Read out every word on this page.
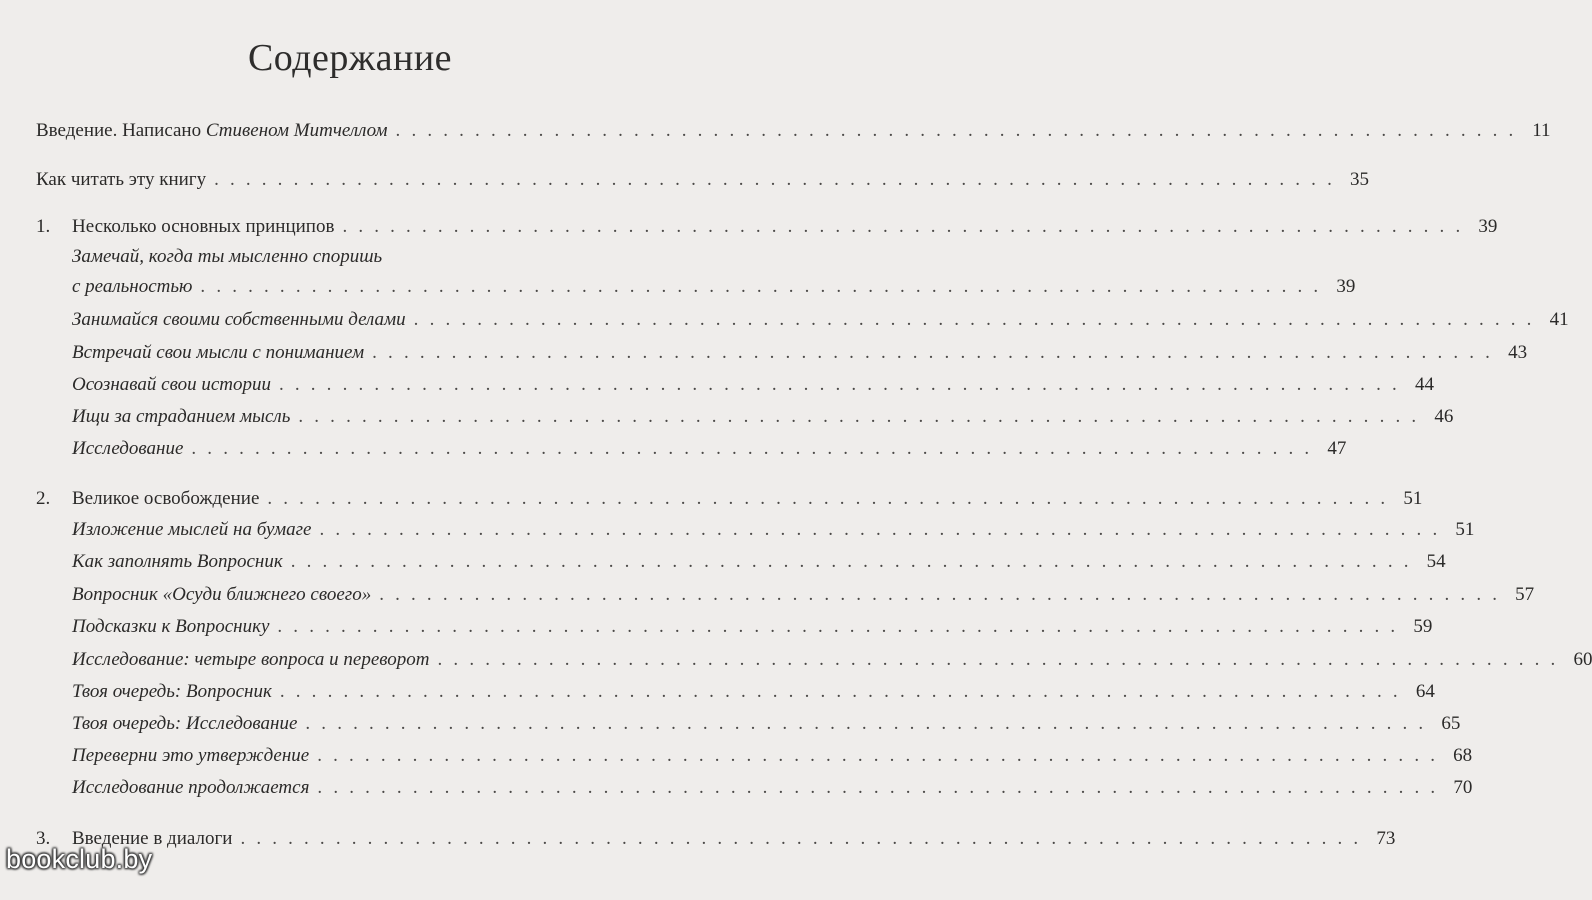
Содержание
Введение. Написано Стивеном Митчеллом . . . . . . . . . . . . . . . . . . . . . . . . . . . . . . . . . . . . . . . . . . . . . . . . . . . . . . . . . . . . . . . . . . . . . . . 11
Как читать эту книгу . . . . . . . . . . . . . . . . . . . . . . . . . . . . . . . . . . . . . . . . . . . . . . . . . . . . . . . . . . . . . . . . . . . . . . . 35
1.	Несколько основных принципов . . . . . . . . . . . . . . . . . . . . . . . . . . . . . . . . . . . . . . . . . . . . . . . . . . . . . . . . . . . . . . . . . . . . . . . 39
Замечай, когда ты мысленно споришь
с реальностью . . . . . . . . . . . . . . . . . . . . . . . . . . . . . . . . . . . . . . . . . . . . . . . . . . . . . . . . . . . . . . . . . . . . . . . 39
Занимайся своими собственными делами . . . . . . . . . . . . . . . . . . . . . . . . . . . . . . . . . . . . . . . . . . . . . . . . . . . . . . . . . . . . . . . . . . . . . . . 41
Встречай свои мысли с пониманием . . . . . . . . . . . . . . . . . . . . . . . . . . . . . . . . . . . . . . . . . . . . . . . . . . . . . . . . . . . . . . . . . . . . . . . 43
Осознавай свои истории . . . . . . . . . . . . . . . . . . . . . . . . . . . . . . . . . . . . . . . . . . . . . . . . . . . . . . . . . . . . . . . . . . . . . . . 44
Ищи за страданием мысль . . . . . . . . . . . . . . . . . . . . . . . . . . . . . . . . . . . . . . . . . . . . . . . . . . . . . . . . . . . . . . . . . . . . . . . 46
Исследование . . . . . . . . . . . . . . . . . . . . . . . . . . . . . . . . . . . . . . . . . . . . . . . . . . . . . . . . . . . . . . . . . . . . . . . 47
2.	Великое освобождение . . . . . . . . . . . . . . . . . . . . . . . . . . . . . . . . . . . . . . . . . . . . . . . . . . . . . . . . . . . . . . . . . . . . . . . 51
Изложение мыслей на бумаге . . . . . . . . . . . . . . . . . . . . . . . . . . . . . . . . . . . . . . . . . . . . . . . . . . . . . . . . . . . . . . . . . . . . . . . 51
Как заполнять Вопросник . . . . . . . . . . . . . . . . . . . . . . . . . . . . . . . . . . . . . . . . . . . . . . . . . . . . . . . . . . . . . . . . . . . . . . . 54
Вопросник «Осуди ближнего своего» . . . . . . . . . . . . . . . . . . . . . . . . . . . . . . . . . . . . . . . . . . . . . . . . . . . . . . . . . . . . . . . . . . . . . . . 57
Подсказки к Вопроснику . . . . . . . . . . . . . . . . . . . . . . . . . . . . . . . . . . . . . . . . . . . . . . . . . . . . . . . . . . . . . . . . . . . . . . . 59
Исследование: четыре вопроса и переворот . . . . . . . . . . . . . . . . . . . . . . . . . . . . . . . . . . . . . . . . . . . . . . . . . . . . . . . . . . . . . . . . . . . . . . . 60
Твоя очередь: Вопросник . . . . . . . . . . . . . . . . . . . . . . . . . . . . . . . . . . . . . . . . . . . . . . . . . . . . . . . . . . . . . . . . . . . . . . . 64
Твоя очередь: Исследование . . . . . . . . . . . . . . . . . . . . . . . . . . . . . . . . . . . . . . . . . . . . . . . . . . . . . . . . . . . . . . . . . . . . . . . 65
Переверни это утверждение . . . . . . . . . . . . . . . . . . . . . . . . . . . . . . . . . . . . . . . . . . . . . . . . . . . . . . . . . . . . . . . . . . . . . . . 68
Исследование продолжается . . . . . . . . . . . . . . . . . . . . . . . . . . . . . . . . . . . . . . . . . . . . . . . . . . . . . . . . . . . . . . . . . . . . . . . 70
3.	Введение в диалоги . . . . . . . . . . . . . . . . . . . . . . . . . . . . . . . . . . . . . . . . . . . . . . . . . . . . . . . . . . . . . . . . . . . . . . . 73
bookclub.by
